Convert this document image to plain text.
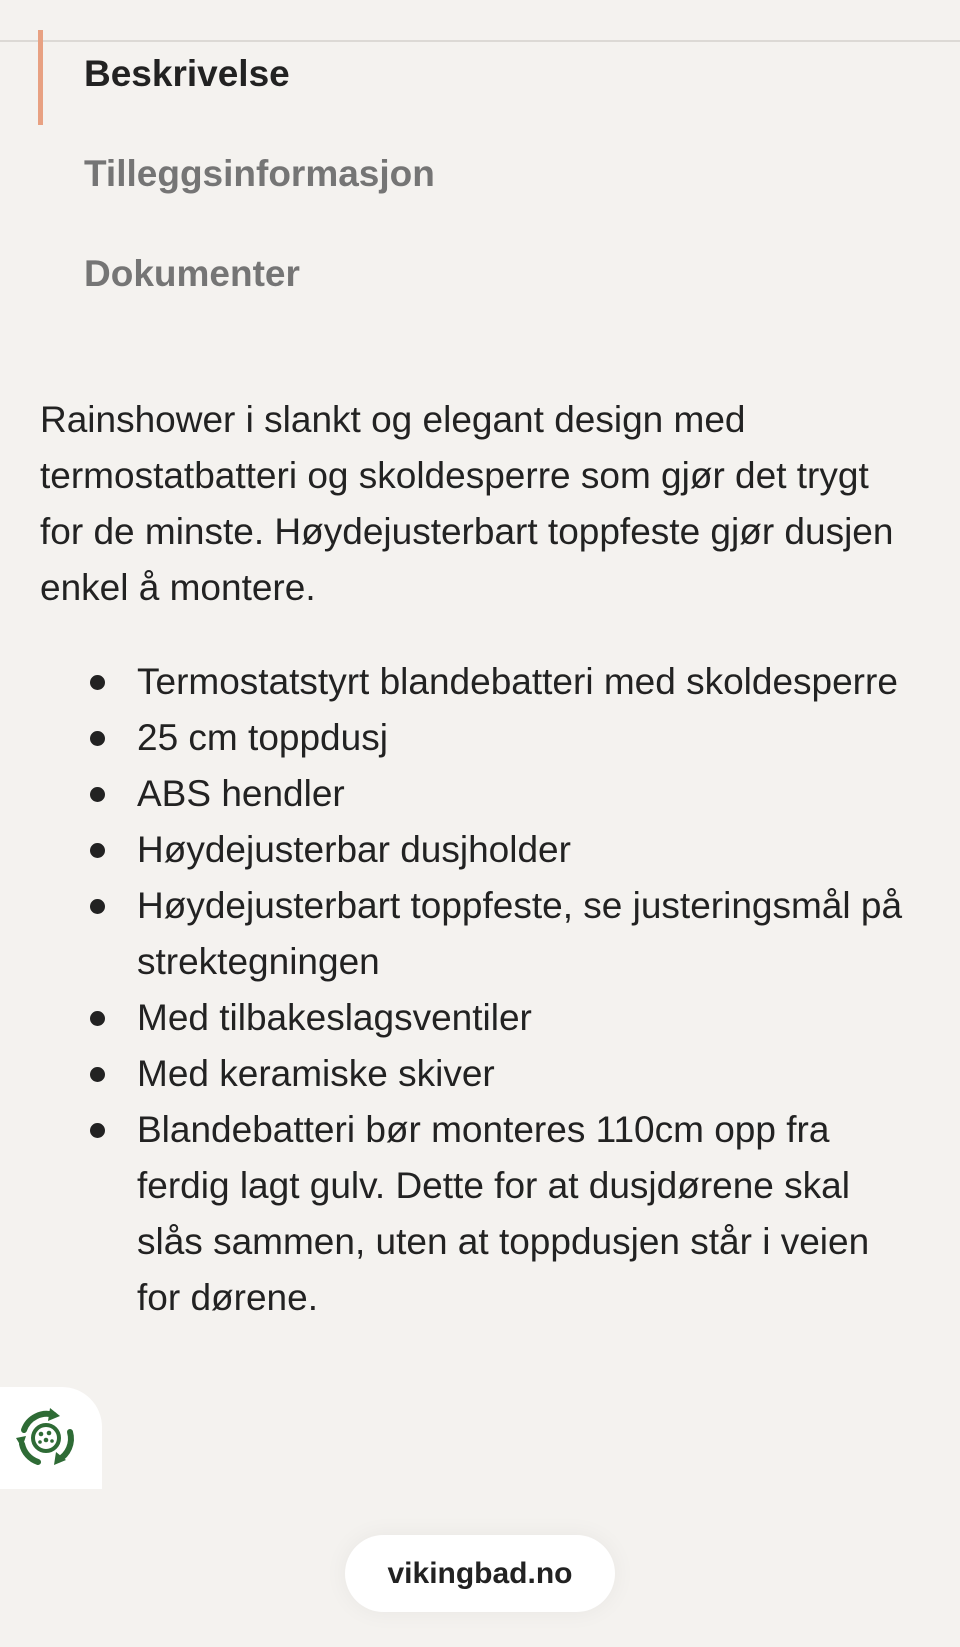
Beskrivelse
Tilleggsinformasjon
Dokumenter

Rainshower i slankt og elegant design med termostatbatteri og skoldesperre som gjør det trygt for de minste. Høydejusterbart toppfeste gjør dusjen enkel å montere.

Termostatstyrt blandebatteri med skoldesperre
25 cm toppdusj
ABS hendler
Høydejusterbar dusjholder
Høydejusterbart toppfeste, se justeringsmål på strektegningen
Med tilbakeslagsventiler
Med keramiske skiver
Blandebatteri bør monteres 110cm opp fra ferdig lagt gulv. Dette for at dusjdørene skal slås sammen, uten at toppdusjen står i veien for dørene.
vikingbad.no
